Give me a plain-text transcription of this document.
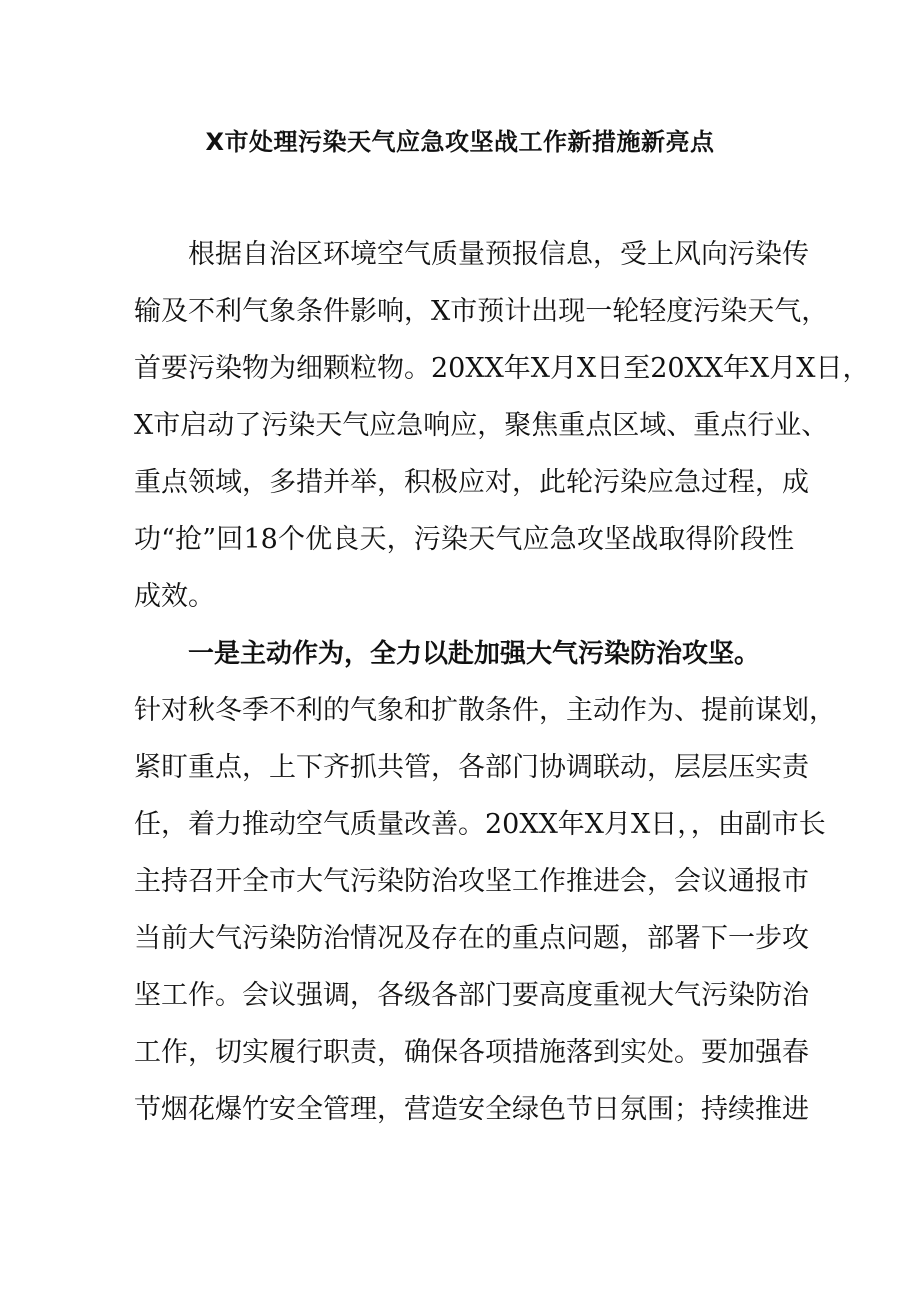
X市处理污染天气应急攻坚战工作新措施新亮点
根据自治区环境空气质量预报信息，受上风向污染传
输及不利气象条件影响，X市预计出现一轮轻度污染天气，
首要污染物为细颗粒物。20XX年X月X日至20XX年X月X日，
X市启动了污染天气应急响应，聚焦重点区域、重点行业、
重点领域，多措并举，积极应对，此轮污染应急过程，成
功“抢”回18个优良天，污染天气应急攻坚战取得阶段性
成效。
一是主动作为，全力以赴加强大气污染防治攻坚。
针对秋冬季不利的气象和扩散条件，主动作为、提前谋划，
紧盯重点，上下齐抓共管，各部门协调联动，层层压实责
任，着力推动空气质量改善。20XX年X月X日，，由副市长
主持召开全市大气污染防治攻坚工作推进会，会议通报市
当前大气污染防治情况及存在的重点问题，部署下一步攻
坚工作。会议强调，各级各部门要高度重视大气污染防治
工作，切实履行职责，确保各项措施落到实处。要加强春
节烟花爆竹安全管理，营造安全绿色节日氛围；持续推进
